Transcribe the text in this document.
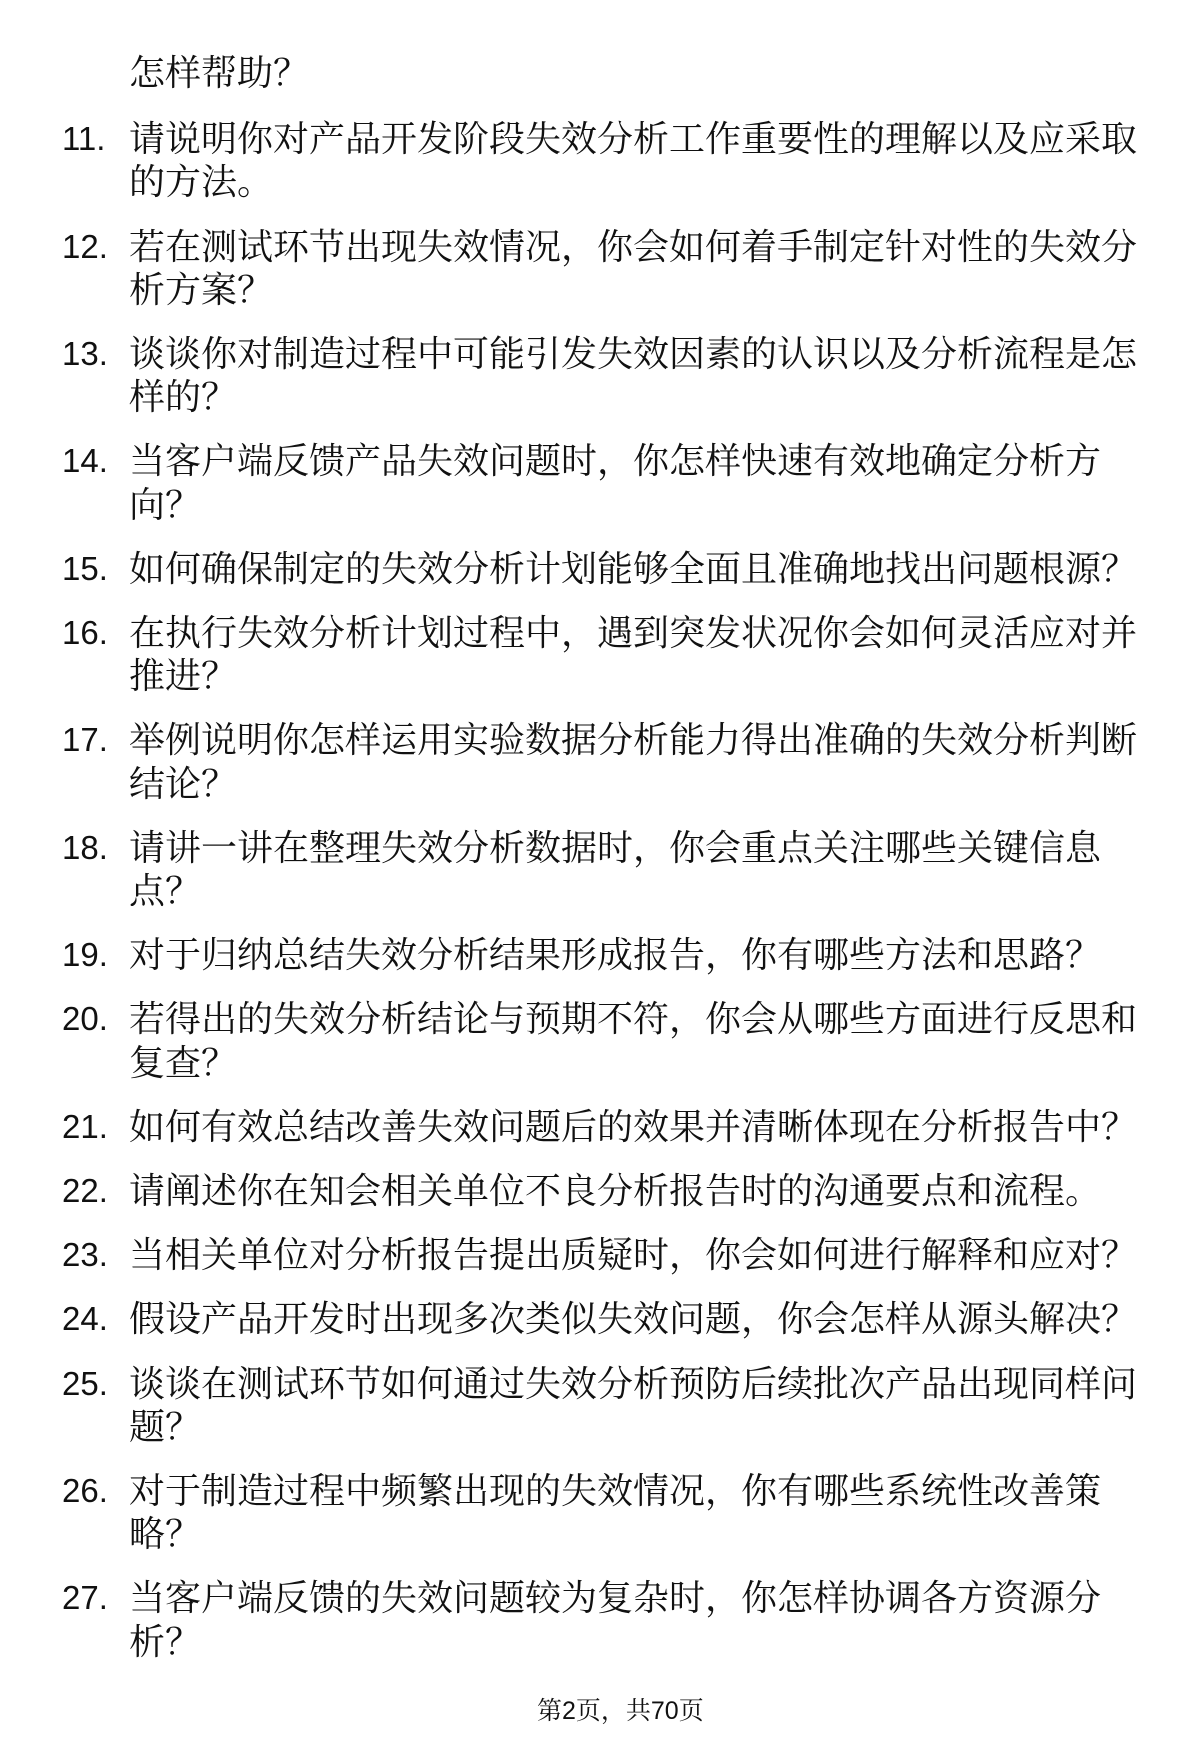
怎样帮助？
11. 请说明你对产品开发阶段失效分析工作重要性的理解以及应采取的方法。
12. 若在测试环节出现失效情况，你会如何着手制定针对性的失效分析方案？
13. 谈谈你对制造过程中可能引发失效因素的认识以及分析流程是怎样的？
14. 当客户端反馈产品失效问题时，你怎样快速有效地确定分析方向？
15. 如何确保制定的失效分析计划能够全面且准确地找出问题根源？
16. 在执行失效分析计划过程中，遇到突发状况你会如何灵活应对并推进？
17. 举例说明你怎样运用实验数据分析能力得出准确的失效分析判断结论？
18. 请讲一讲在整理失效分析数据时，你会重点关注哪些关键信息点？
19. 对于归纳总结失效分析结果形成报告，你有哪些方法和思路？
20. 若得出的失效分析结论与预期不符，你会从哪些方面进行反思和复查？
21. 如何有效总结改善失效问题后的效果并清晰体现在分析报告中？
22. 请阐述你在知会相关单位不良分析报告时的沟通要点和流程。
23. 当相关单位对分析报告提出质疑时，你会如何进行解释和应对？
24. 假设产品开发时出现多次类似失效问题，你会怎样从源头解决？
25. 谈谈在测试环节如何通过失效分析预防后续批次产品出现同样问题？
26. 对于制造过程中频繁出现的失效情况，你有哪些系统性改善策略？
27. 当客户端反馈的失效问题较为复杂时，你怎样协调各方资源分析？
第2页，共70页
